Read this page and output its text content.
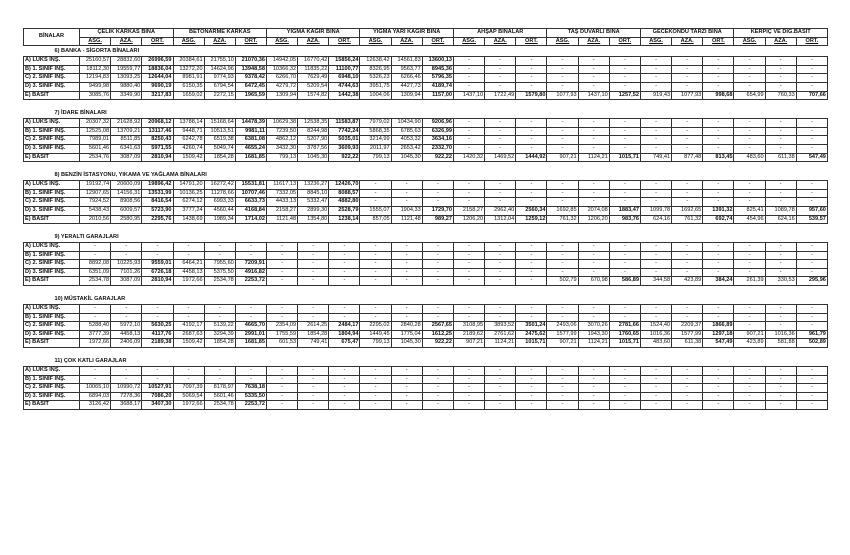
BİNALAR	ÇELİK KARKAS BİNA			BETONARME KARKAS			YIĞMA KAGİR BİNA			YIĞMA YARI KAGİR BİNA			AHŞAP BİNALAR			TAŞ DUVARLI BİNA			GECEKONDU TARZI BİNA			KERPİÇ VE DİĞ.BASİT		
	ASG.	AZA.	ORT.	ASG.	AZA.	ORT.	ASG.	AZA.	ORT.	ASG.	AZA.	ORT.	ASG.	AZA.	ORT.	ASG.	AZA.	ORT.	ASG.	AZA.	ORT.	ASG.	AZA.	ORT.
6) BANKA - SİGORTA BİNALARI																								
A) LÜKS İNŞ.	25160,57	28832,60	26996,59	20384,61	21755,10	21070,36	14942,05	16770,42	15856,24	12638,42	14561,83	13600,13	-	-	-	-	-	-	-	-	-	-	-	-
B) 1. SINIF İNŞ.	18112,30	19559,77	18836,04	13272,20	14624,96	13948,58	10366,32	11835,22	11100,77	8326,95	9563,77	8945,36	-	-	-	-	-	-	-	-	-	-	-	-
C) 2. SINIF İNŞ.	12194,83	13093,25	12644,04	8981,91	9774,93	9378,42	6266,70	7629,49	6948,10	5326,23	6266,46	5796,35	-	-	-	-	-	-	-	-	-	-	-	-
D) 3. SINIF İNŞ.	9499,98	9880,40	9690,19	6150,35	6794,54	6472,45	4279,72	5209,54	4744,63	3951,75	4427,73	4189,74	-	-	-	-	-	-	-	-	-	-	-	-
E) BASİT	3085,76	3349,90	3217,83	1659,02	2272,15	1965,59	1309,94	1574,82	1442,38	1004,06	1309,94	1157,00	1437,10	1722,49	1579,80	1077,93	1437,10	1257,52	919,43	1077,93	998,68	654,99	760,33	707,66

7) İDARE BİNALARI																								
A) LÜKS İNŞ.	20307,32	21628,92	20968,12	13788,14	15168,64	14478,39	10629,38	12538,35	11583,87	7979,02	10434,90	9206,96	-	-	-	-	-	-	-	-	-	-	-	-
B) 1. SINIF İNŞ.	12525,08	13709,21	13117,46	9448,71	10513,51	9981,11	7239,50	8244,98	7742,24	5868,35	6785,63	6326,99	-	-	-	-	-	-	-	-	-	-	-	-
C) 2. SINIF İNŞ.	7989,01	8511,85	8250,43	6242,78	6519,38	6381,08	4862,12	5207,90	5035,01	3214,99	4053,32	3634,16	-	-	-	-	-	-	-	-	-	-	-	-
D) 3. SINIF İNŞ.	5601,46	6341,63	5971,55	4260,74	5049,74	4655,24	3432,30	3787,56	3609,93	2011,97	2653,42	2332,70	-	-	-	-	-	-	-	-	-	-	-	-
E) BASİT	2534,76	3087,09	2810,94	1509,42	1854,28	1681,85	799,13	1045,30	922,22	799,13	1045,30	922,22	1420,32	1469,52	1444,92	907,21	1124,21	1015,71	749,41	877,48	813,45	483,60	611,38	547,49

8) BENZİN İSTASYONU, YIKAMA VE YAĞLAMA BİNALARI																								
A) LÜKS İNŞ.	19192,74	20600,09	19896,42	14791,20	16272,42	15531,81	11617,13	13236,27	12426,70	-	-	-	-	-	-	-	-	-	-	-	-	-	-	-
B) 1. SINIF İNŞ.	12907,65	14156,31	13531,99	10136,25	11278,66	10707,46	7332,05	8845,10	8088,57	-	-	-	-	-	-	-	-	-	-	-	-	-	-	-
C) 2. SINIF İNŞ.	7924,52	8908,56	8416,54	6274,12	6993,33	6633,73	4433,13	5332,47	4882,80	-	-	-	-	-	-	-	-	-	-	-	-	-	-	-
D) 3. SINIF İNŞ.	5438,43	6009,57	5723,90	3777,24	4560,44	4168,84	2158,27	2899,30	2528,79	1555,07	1904,33	1729,70	2158,27	2962,40	2560,34	1692,85	2074,08	1883,47	1099,78	1692,65	1391,32	825,41	1089,78	957,60
E) BASİT	2010,56	2580,95	2295,76	1438,69	1989,34	1714,02	1121,48	1354,80	1238,14	857,05	1121,48	989,27	1206,20	1312,04	1259,12	761,32	1206,20	983,76	624,16	761,32	692,74	454,96	624,16	539,57

9) YERALTI GARAJLARI																								
A) LÜKS İNŞ.	-	-	-	-	-	-	-	-	-	-	-	-	-	-	-	-	-	-	-	-	-	-	-	-
B) 1. SINIF İNŞ.	-	-	-	-	-	-	-	-	-	-	-	-	-	-	-	-	-	-	-	-	-	-	-	-
C) 2. SINIF İNŞ.	8892,08	10225,93	9559,01	6464,21	7955,60	7209,91	-	-	-	-	-	-	-	-	-	-	-	-	-	-	-	-	-	-
D) 3. SINIF İNŞ.	6351,09	7101,26	6726,18	4458,13	5375,50	4916,82	-	-	-	-	-	-	-	-	-	-	-	-	-	-	-	-	-	-
E) BASİT	2534,78	3087,09	2810,94	1972,66	2534,78	2253,72	-	-	-	-	-	-	-	-	-	502,79	670,98	586,89	344,58	423,89	384,24	261,39	330,53	295,96

10) MÜSTAKİL GARAJLAR																								
A) LÜKS İNŞ.	-	-	-	-	-	-	-	-	-	-	-	-	-	-	-	-	-	-	-	-	-	-	-	-
B) 1. SINIF İNŞ.	-	-	-	-	-	-	-	-	-	-	-	-	-	-	-	-	-	-	-	-	-	-	-	-
C) 2. SINIF İNŞ.	5288,40	5972,10	5630,25	4192,17	5139,22	4665,70	2354,09	2614,25	2484,17	2295,02	2840,28	2567,65	3108,95	3893,52	3501,24	2493,06	3070,26	2781,66	1524,40	2209,37	1866,89	-	-	-
D) 3. SINIF İNŞ.	3777,39	4458,13	4117,76	2687,63	3294,39	2991,01	1755,59	1854,28	1804,94	1449,45	1775,04	1612,25	2189,62	2761,62	2475,62	1577,99	1943,30	1760,65	1016,36	1577,99	1297,18	907,21	1016,36	961,79
E) BASİT	1972,66	2406,09	2189,38	1509,42	1854,28	1681,85	601,53	749,41	675,47	799,13	1045,30	922,22	907,21	1124,21	1015,71	907,21	1124,21	1015,71	483,60	611,38	547,49	423,89	581,88	502,89

11) ÇOK KATLI GARAJLAR																								
A) LÜKS İNŞ.	-	-	-	-	-	-	-	-	-	-	-	-	-	-	-	-	-	-	-	-	-	-	-	-
B) 1. SINIF İNŞ.	-	-	-	-	-	-	-	-	-	-	-	-	-	-	-	-	-	-	-	-	-	-	-	-
C) 2. SINIF İNŞ.	10065,10	10990,72	10527,91	7097,39	8178,97	7638,18	-	-	-	-	-	-	-	-	-	-	-	-	-	-	-	-	-	-
D) 3. SINIF İNŞ.	6894,03	7278,36	7086,20	5069,54	5601,46	5335,50	-	-	-	-	-	-	-	-	-	-	-	-	-	-	-	-	-	-
E) BASİT	3126,42	3688,17	3407,30	1972,66	2534,78	2253,72	-	-	-	-	-	-	-	-	-	-	-	-	-	-	-	-	-	-
